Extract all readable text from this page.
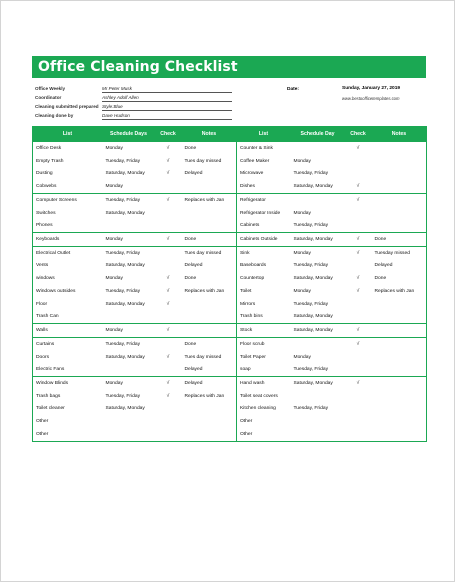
Office Cleaning Checklist
Office Weekly	Mr Peter Musk
Coordinator	Ashley Adolf Allen
Cleaning submitted prepared Style:Blue
Cleaning done by	Dave Hudson
Date:	Sunday, January 27, 2019
www.bestoofficetemplates.com
List	Schedule Days	Check	Notes	List	Schedule Day	Check	Notes
Office Desk	Monday	√	Done	Counter & Sink		√	
Empty Trash	Tuesday, Friday	√	Tues day missed	Coffee Maker	Monday		
Dusting	Saturday, Monday	√	Delayed	Microwave	Tuesday, Friday		
Cobwebs	Monday			Dishes	Saturday, Monday	√	
Computer Screens	Tuesday, Friday	√	Replaces with Jan	Refrigerator		√	
Switches	Saturday, Monday			Refrigerator Inside	Monday		
Phones				Cabinets	Tuesday, Friday		
Keyboards	Monday	√	Done	Cabinets Outside	Saturday, Monday	√	Done
Electrical Outlet	Tuesday, Friday		Tues day missed	Sink	Monday	√	Tuesday missed
Vents	Saturday, Monday		Delayed	Baseboards	Tuesday, Friday		Delayed
windows	Monday	√	Done	Countertop	Saturday, Monday	√	Done
Windows outsides	Tuesday, Friday	√	Replaces with Jan	Toilet	Monday	√	Replaces with Jan
Floor	Saturday, Monday	√		Mirrors	Tuesday, Friday		
Trash Can				Trash bins	Saturday, Monday		
Walls	Monday	√		Stock	Saturday, Monday	√	
Curtains	Tuesday, Friday		Done	Floor scrub		√	
Doors	Saturday, Monday	√	Tues day missed	Toilet Paper	Monday		
Electric Fans			Delayed	soap	Tuesday, Friday		
Window Blinds	Monday	√	Delayed	Hand wash	Saturday, Monday	√	
Trash bags	Tuesday, Friday	√	Replaces with Jan	Toilet seat covers			
Toilet cleaner	Saturday, Monday			Kitchen cleaning	Tuesday, Friday		
Other				Other			
Other				Other			
